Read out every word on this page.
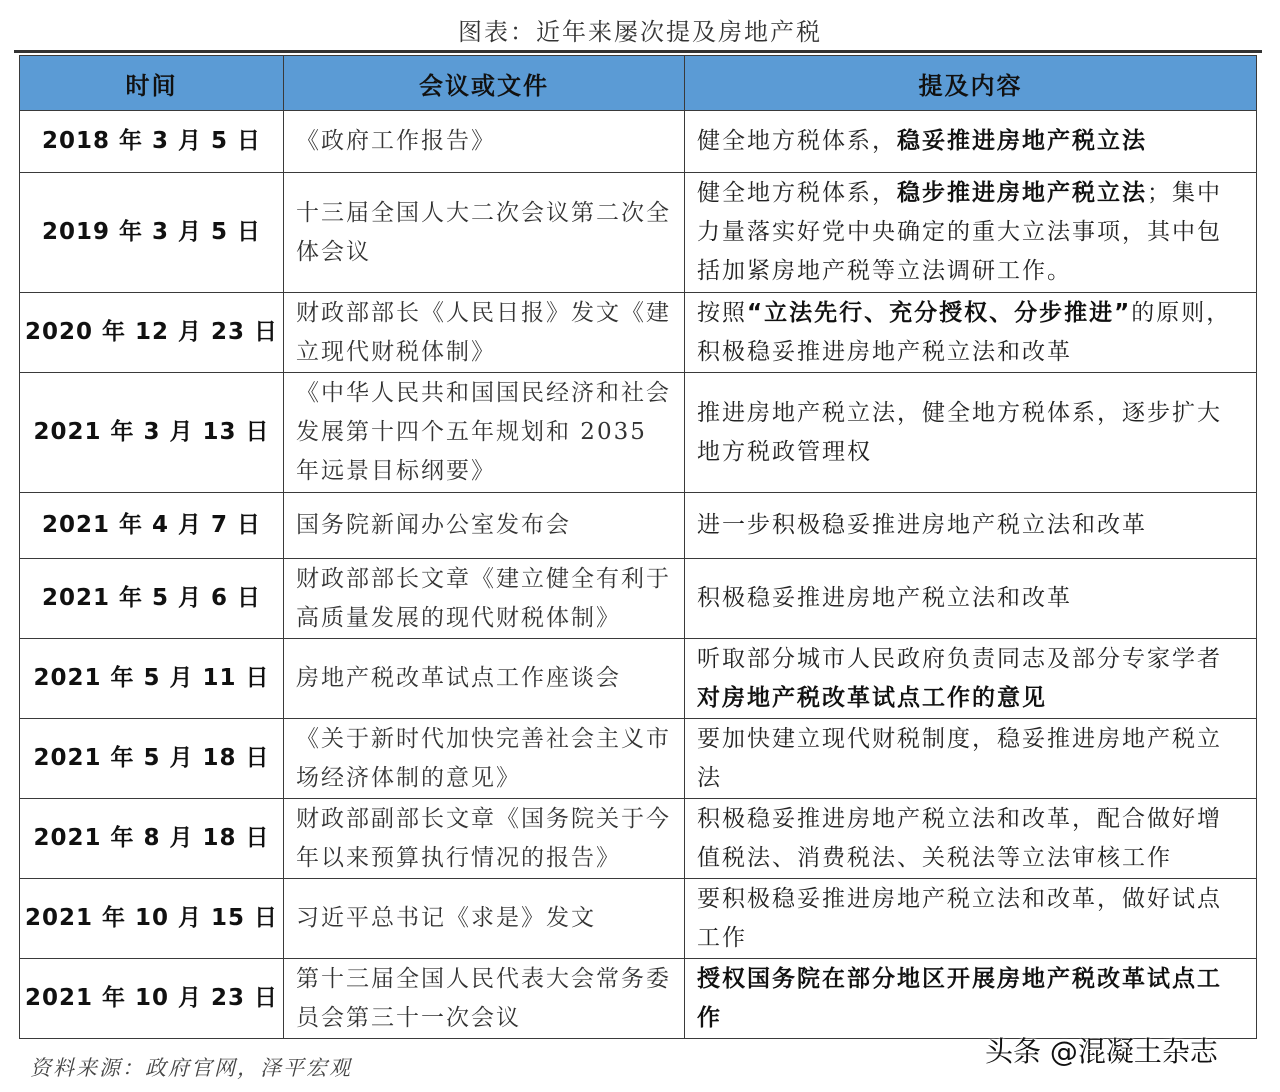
图表：近年来屡次提及房地产税
时间	会议或文件	提及内容
2018 年 3 月 5 日	《政府工作报告》	健全地方税体系，稳妥推进房地产税立法
2019 年 3 月 5 日	十三届全国人大二次会议第二次全体会议	健全地方税体系，稳步推进房地产税立法；集中力量落实好党中央确定的重大立法事项，其中包括加紧房地产税等立法调研工作。
2020 年 12 月 23 日	财政部部长《人民日报》发文《建立现代财税体制》	按照“立法先行、充分授权、分步推进”的原则，积极稳妥推进房地产税立法和改革
2021 年 3 月 13 日	《中华人民共和国国民经济和社会发展第十四个五年规划和 2035 年远景目标纲要》	推进房地产税立法，健全地方税体系，逐步扩大地方税政管理权
2021 年 4 月 7 日	国务院新闻办公室发布会	进一步积极稳妥推进房地产税立法和改革
2021 年 5 月 6 日	财政部部长文章《建立健全有利于高质量发展的现代财税体制》	积极稳妥推进房地产税立法和改革
2021 年 5 月 11 日	房地产税改革试点工作座谈会	听取部分城市人民政府负责同志及部分专家学者对房地产税改革试点工作的意见
2021 年 5 月 18 日	《关于新时代加快完善社会主义市场经济体制的意见》	要加快建立现代财税制度，稳妥推进房地产税立法
2021 年 8 月 18 日	财政部副部长文章《国务院关于今年以来预算执行情况的报告》	积极稳妥推进房地产税立法和改革，配合做好增值税法、消费税法、关税法等立法审核工作
2021 年 10 月 15 日	习近平总书记《求是》发文	要积极稳妥推进房地产税立法和改革，做好试点工作
2021 年 10 月 23 日	第十三届全国人民代表大会常务委员会第三十一次会议	授权国务院在部分地区开展房地产税改革试点工作
资料来源：政府官网，泽平宏观	头条 @混凝土杂志
